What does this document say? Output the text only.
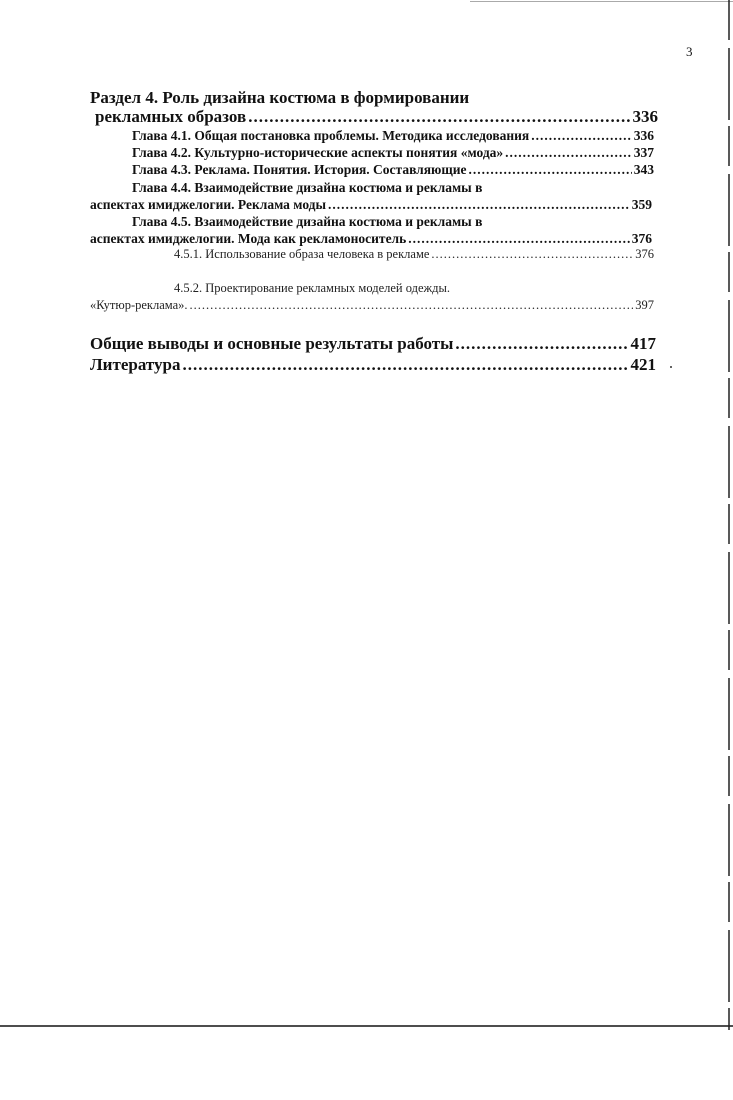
3
Раздел 4. Роль дизайна костюма в формировании
рекламных образов .....	336
Глава 4.1. Общая постановка проблемы. Методика исследования .....	336
Глава 4.2. Культурно-исторические аспекты понятия «мода» .....	337
Глава 4.3. Реклама. Понятия. История. Составляющие .....	343
Глава 4.4. Взаимодействие дизайна костюма и рекламы в
аспектах имиджелогии. Реклама моды .....	359
Глава 4.5. Взаимодействие дизайна костюма и рекламы в
аспектах имиджелогии. Мода как рекламоноситель .....	376
4.5.1. Использование образа человека в рекламе .....	376
4.5.2. Проектирование рекламных моделей одежды.
«Кутюр-реклама». .....	397
Общие выводы и основные результаты работы .....	417
Литература .....	421
